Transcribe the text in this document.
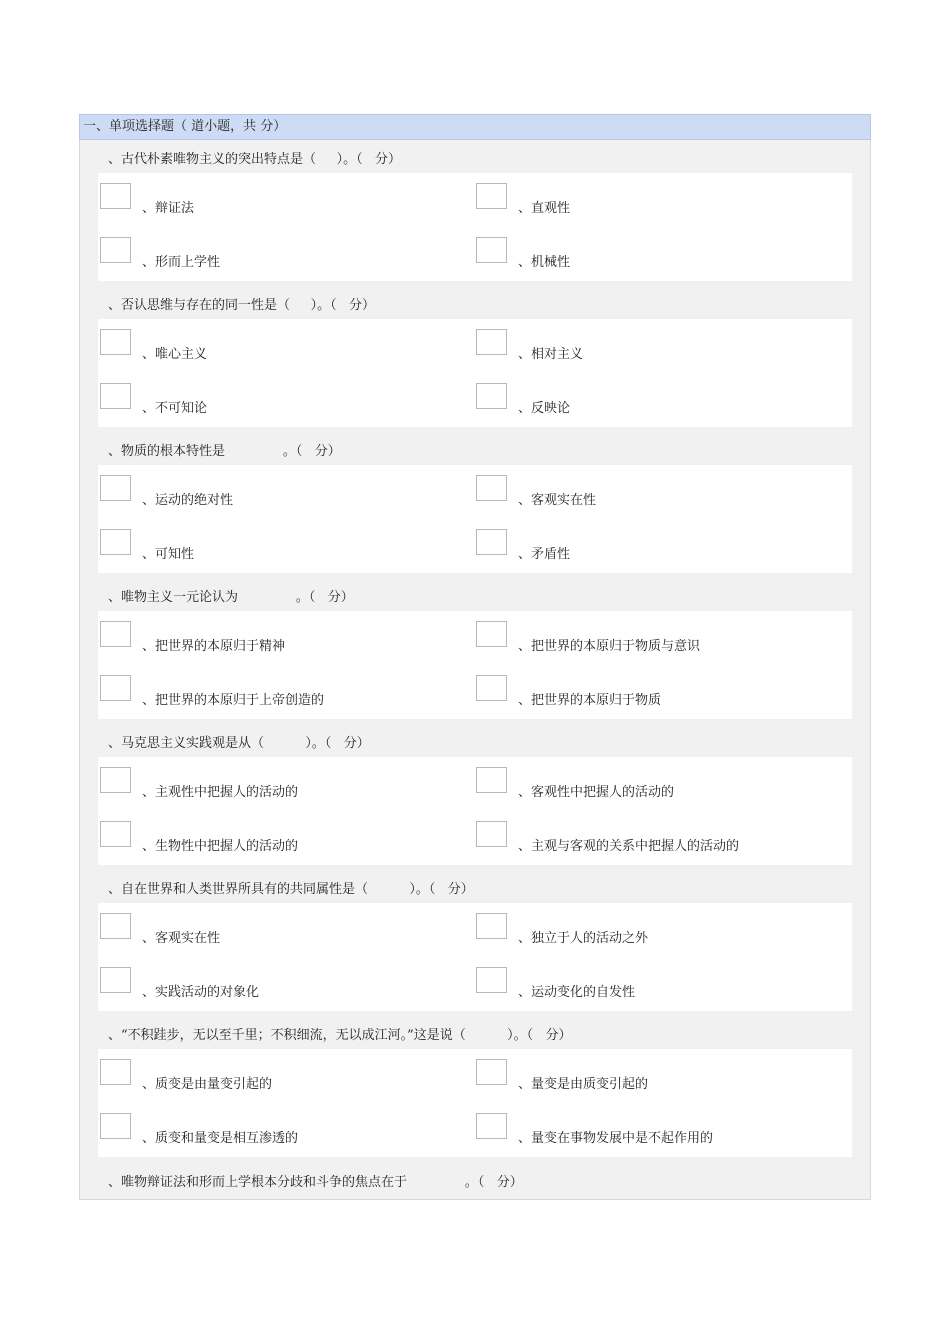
一、单项选择题（ 道小题，共 分）
、古代朴素唯物主义的突出特点是（     ）。（   分）
、辩证法	、直观性
、形而上学性	、机械性
、否认思维与存在的同一性是（     ）。（   分）
、唯心主义	、相对主义
、不可知论	、反映论
、物质的根本特性是              。（   分）
、运动的绝对性	、客观实在性
、可知性	、矛盾性
、唯物主义一元论认为              。（   分）
、把世界的本原归于精神	、把世界的本原归于物质与意识
、把世界的本原归于上帝创造的	、把世界的本原归于物质
、马克思主义实践观是从（          ）。（   分）
、主观性中把握人的活动的	、客观性中把握人的活动的
、生物性中把握人的活动的	、主观与客观的关系中把握人的活动的
、自在世界和人类世界所具有的共同属性是（          ）。（   分）
、客观实在性	、独立于人的活动之外
、实践活动的对象化	、运动变化的自发性
、“不积跬步，无以至千里；不积细流，无以成江河。”这是说（          ）。（   分）
、质变是由量变引起的	、量变是由质变引起的
、质变和量变是相互渗透的	、量变在事物发展中是不起作用的
、唯物辩证法和形而上学根本分歧和斗争的焦点在于              。（   分）
